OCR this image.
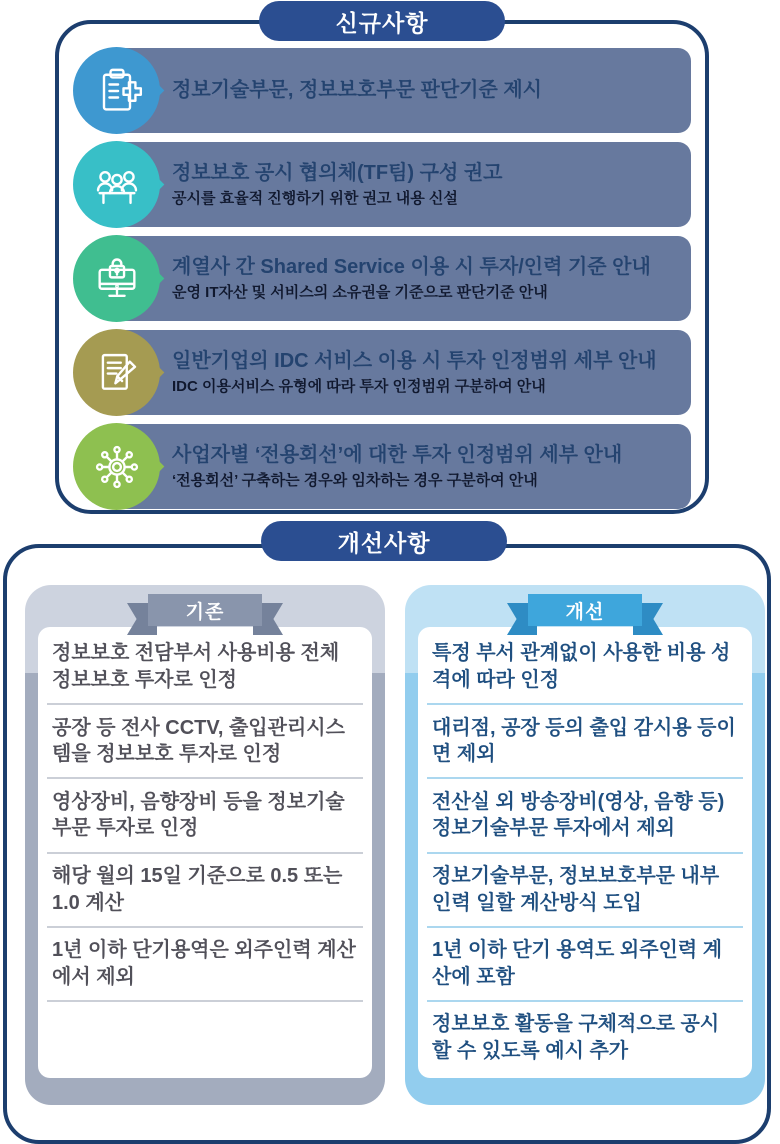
신규사항
정보기술부문, 정보보호부문 판단기준 제시
정보보호 공시 협의체(TF팀) 구성 권고
공시를 효율적 진행하기 위한 권고 내용 신설
계열사 간 Shared Service 이용 시 투자/인력 기준 안내
운영 IT자산 및 서비스의 소유권을 기준으로 판단기준 안내
일반기업의 IDC 서비스 이용 시 투자 인정범위 세부 안내
IDC 이용서비스 유형에 따라 투자 인정범위 구분하여 안내
사업자별 ‘전용회선’에 대한 투자 인정범위 세부 안내
‘전용회선’ 구축하는 경우와 임차하는 경우 구분하여 안내
개선사항
기존
정보보호 전담부서 사용비용 전체 정보보호 투자로 인정
공장 등 전사 CCTV, 출입관리시스템을 정보보호 투자로 인정
영상장비, 음향장비 등을 정보기술부문 투자로 인정
해당 월의 15일 기준으로 0.5 또는 1.0 계산
1년 이하 단기용역은 외주인력 계산에서 제외
개선
특정 부서 관계없이 사용한 비용 성격에 따라 인정
대리점, 공장 등의 출입 감시용 등이면 제외
전산실 외 방송장비(영상, 음향 등) 정보기술부문 투자에서 제외
정보기술부문, 정보보호부문 내부인력 일할 계산방식 도입
1년 이하 단기 용역도 외주인력 계산에 포함
정보보호 활동을 구체적으로 공시할 수 있도록 예시 추가
